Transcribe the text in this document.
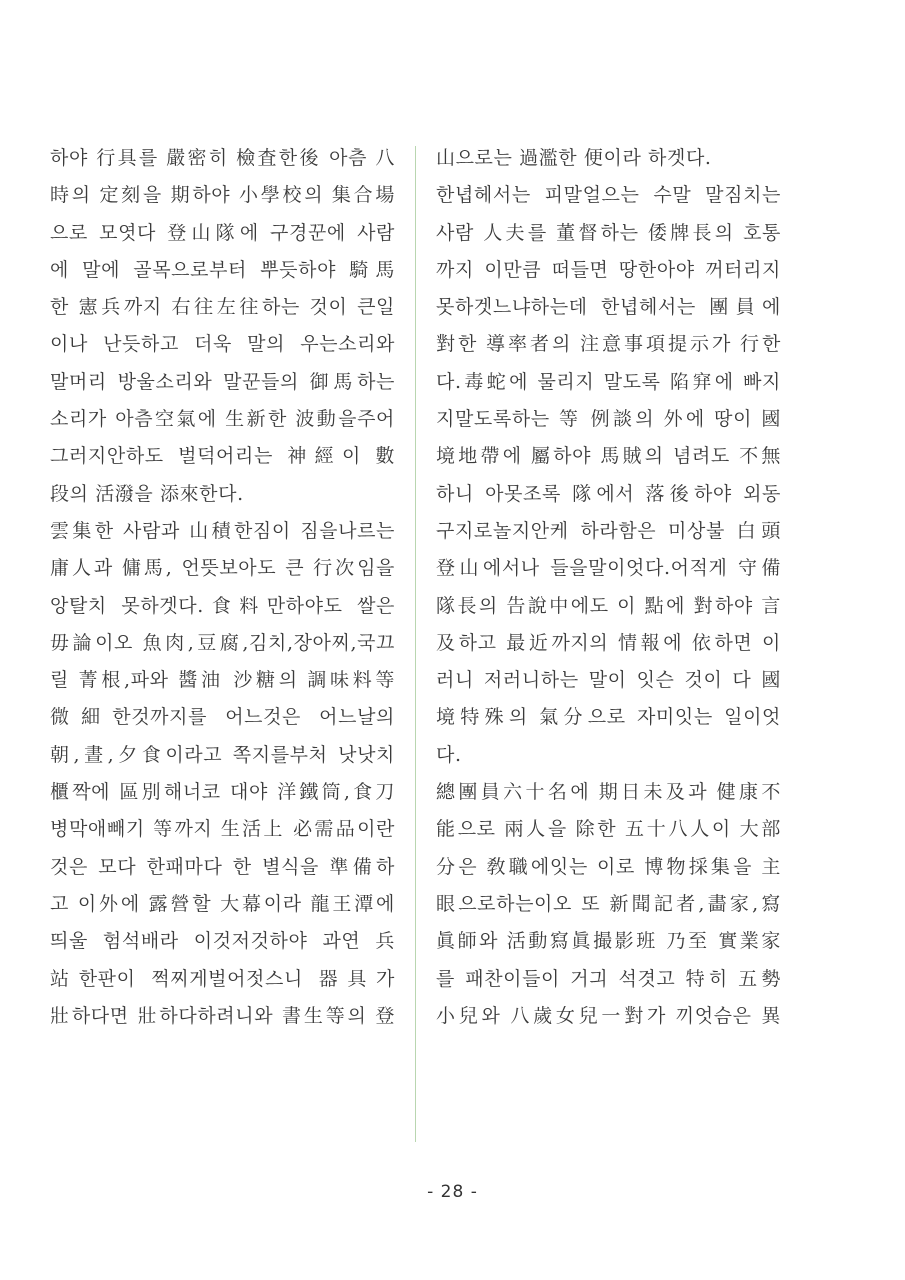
하야 行具를 嚴密히 檢査한後 아츰 八
時의 定刻을 期하야 小學校의 集合場
으로 모엿다 登山隊에 구경꾼에 사람
에 말에 골목으로부터 뿌듯하야 騎馬
한 憲兵까지 右往左往하는 것이 큰일
이나 난듯하고 더욱 말의 우는소리와
말머리 방울소리와 말꾼들의 御馬하는
소리가 아츰空氣에 生新한 波動을주어
그러지안하도 벌덕어리는 神經이 數
段의 活潑을 添來한다.
雲集한 사람과 山積한짐이 짐을나르는
庸人과 傭馬, 언뜻보아도 큰 行次임을
앙탈치 못하겟다.食料만하야도 쌀은
毋論이오 魚肉,豆腐,김치,장아찌,국끄
릴 菁根,파와 醬油 沙糖의 調味料等
微細한것까지를 어느것은 어느날의
朝,晝,夕食이라고 쪽지를부처 낫낫치
櫃짝에 區別해너코 대야 洋鐵筒,食刀
병막애빼기 等까지 生活上 必需品이란
것은 모다 한패마다 한 별식을 準備하
고 이外에 露營할 大幕이라 龍王潭에
띄울 험석배라 이것저것하야 과연 兵
站한판이 쩍찌게벌어젓스니 器具가
壯하다면 壯하다하려니와 書生等의 登
山으로는 過濫한 便이라 하겟다.
한녑헤서는 피말얼으는 수말 말짐치는
사람 人夫를 董督하는 倭牌長의 호통
까지 이만큼 떠들면 땅한아야 꺼터리지
못하겟느냐하는데 한녑헤서는 團員에
對한 導率者의 注意事項提示가 行한
다.毒蛇에 물리지 말도록 陷穽에 빠지
지말도록하는 等 例談의 外에 땅이 國
境地帶에 屬하야 馬賊의 념려도 不無
하니 아못조록 隊에서 落後하야 외동
구지로놀지안케 하라함은 미상불 白頭
登山에서나 들을말이엇다.어적게 守備
隊長의 告說中에도 이 點에 對하야 言
及하고 最近까지의 情報에 依하면 이
러니 저러니하는 말이 잇슨 것이 다 國
境特殊의 氣分으로 자미잇는 일이엇
다.
總團員六十名에 期日未及과 健康不
能으로 兩人을 除한 五十八人이 大部
分은 敎職에잇는 이로 博物採集을 主
眼으로하는이오 또 新聞記者,畵家,寫
眞師와 活動寫眞撮影班 乃至 實業家
를 패찬이들이 거긔 석겻고 特히 五勢
小兒와 八歲女兒一對가 끼엇슴은 異
- 28 -
